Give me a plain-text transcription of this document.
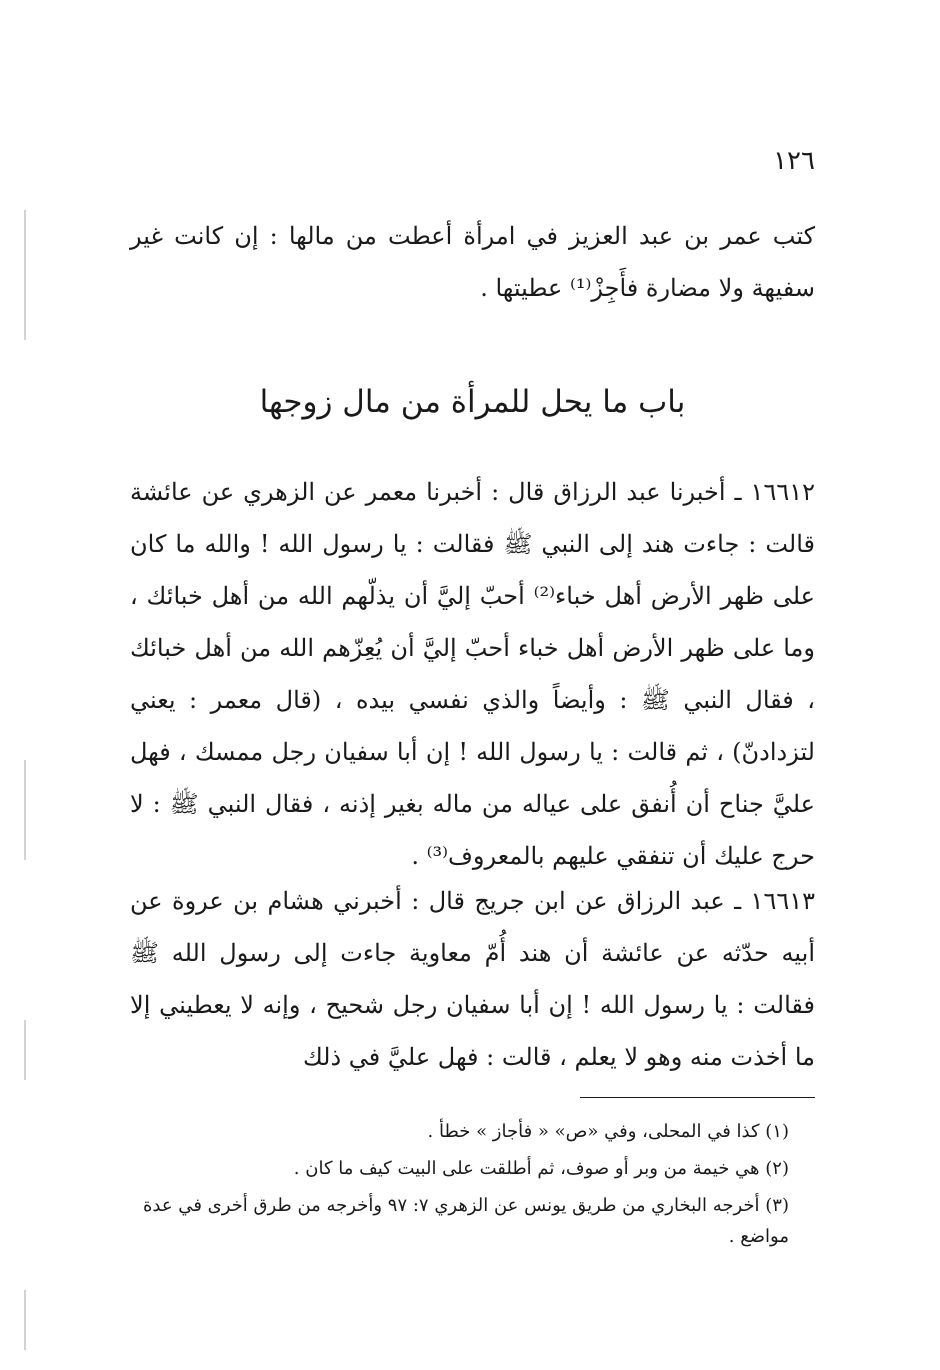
١٢٦

كتب عمر بن عبد العزيز في امرأة أعطت من مالها : إن كانت غير سفيهة ولا مضارة فأَجِزْ⁽¹⁾ عطيتها .

باب ما يحل للمرأة من مال زوجها

١٦٦١٢ ـ أخبرنا عبد الرزاق قال : أخبرنا معمر عن الزهري عن عائشة قالت : جاءت هند إلى النبي ﷺ فقالت : يا رسول الله ! والله ما كان على ظهر الأرض أهل خباء⁽²⁾ أحبّ إليَّ أن يذلّهم الله من أهل خبائك ، وما على ظهر الأرض أهل خباء أحبّ إليَّ أن يُعِزّهم الله من أهل خبائك ، فقال النبي ﷺ : وأيضاً والذي نفسي بيده ، (قال معمر : يعني لتزدادنّ) ، ثم قالت : يا رسول الله ! إن أبا سفيان رجل ممسك ، فهل عليَّ جناح أن أُنفق على عياله من ماله بغير إذنه ، فقال النبي ﷺ : لا حرج عليك أن تنفقي عليهم بالمعروف⁽³⁾ .

١٦٦١٣ ـ عبد الرزاق عن ابن جريج قال : أخبرني هشام بن عروة عن أبيه حدّثه عن عائشة أن هند أُمّ معاوية جاءت إلى رسول الله ﷺ فقالت : يا رسول الله ! إن أبا سفيان رجل شحيح ، وإنه لا يعطيني إلا ما أخذت منه وهو لا يعلم ، قالت : فهل عليَّ في ذلك

(١) كذا في المحلى، وفي «ص» « فأجاز » خطأ .

(٢) هي خيمة من وبر أو صوف، ثم أطلقت على البيت كيف ما كان .

(٣) أخرجه البخاري من طريق يونس عن الزهري ٧: ٩٧ وأخرجه من طرق أخرى في عدة مواضع .
